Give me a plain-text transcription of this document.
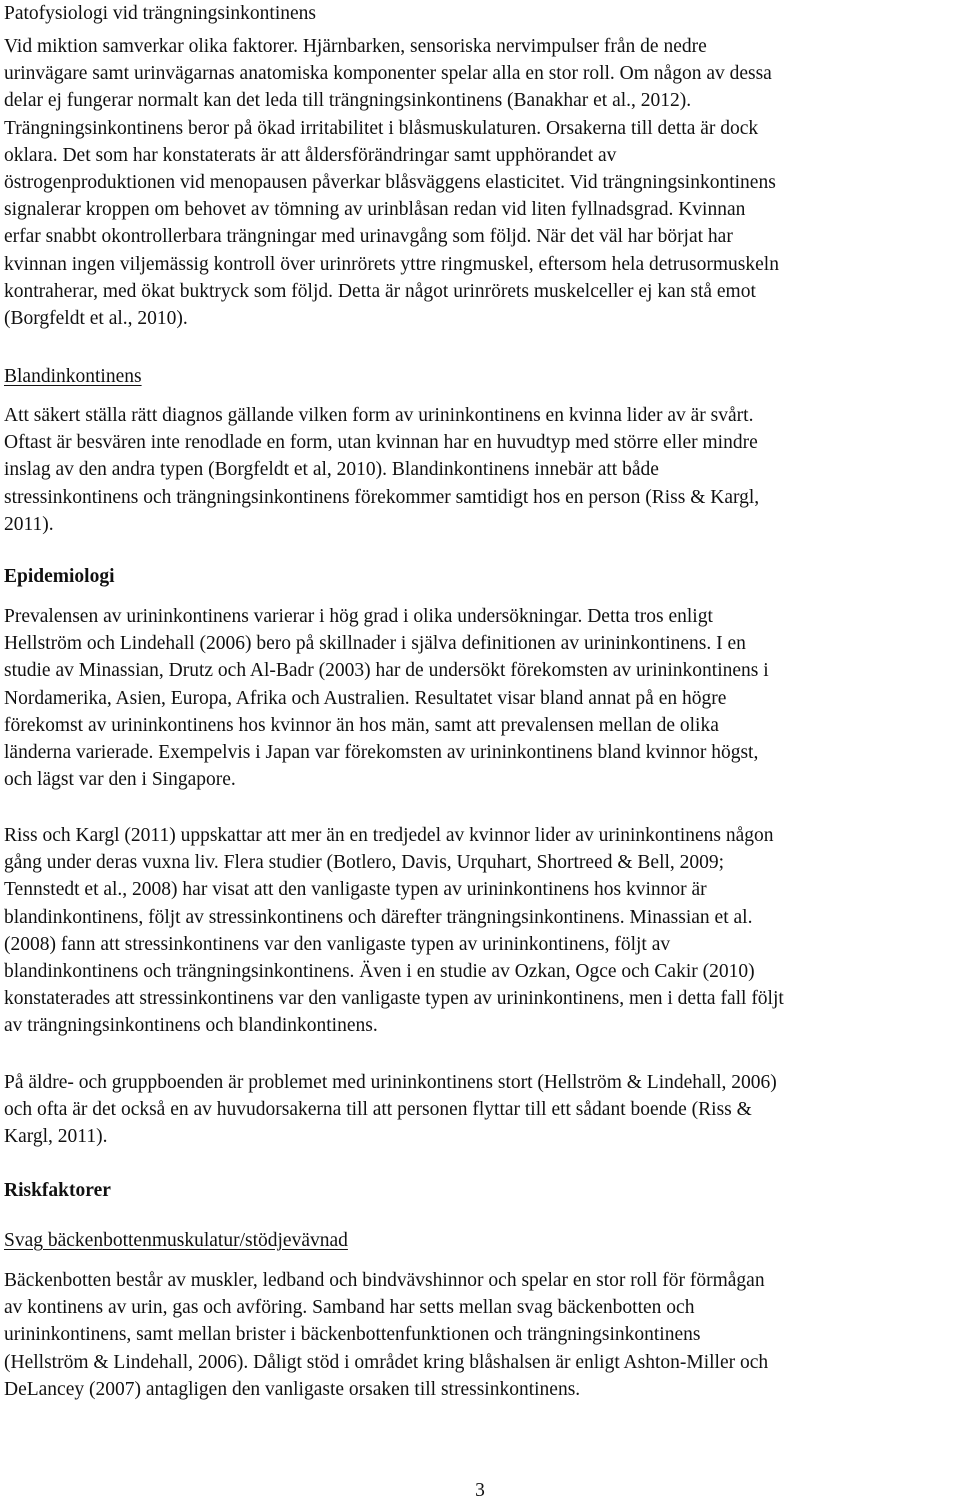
Patofysiologi vid trängningsinkontinens
Vid miktion samverkar olika faktorer. Hjärnbarken, sensoriska nervimpulser från de nedre
urinvägare samt urinvägarnas anatomiska komponenter spelar alla en stor roll. Om någon av dessa
delar ej fungerar normalt kan det leda till trängningsinkontinens (Banakhar et al., 2012).
Trängningsinkontinens beror på ökad irritabilitet i blåsmuskulaturen. Orsakerna till detta är dock
oklara. Det som har konstaterats är att åldersförändringar samt upphörandet av
östrogenproduktionen vid menopausen påverkar blåsväggens elasticitet. Vid trängningsinkontinens
signalerar kroppen om behovet av tömning av urinblåsan redan vid liten fyllnadsgrad. Kvinnan
erfar snabbt okontrollerbara trängningar med urinavgång som följd. När det väl har börjat har
kvinnan ingen viljemässig kontroll över urinrörets yttre ringmuskel, eftersom hela detrusormuskeln
kontraherar, med ökat buktryck som följd. Detta är något urinrörets muskelceller ej kan stå emot
(Borgfeldt et al., 2010).
Blandinkontinens
Att säkert ställa rätt diagnos gällande vilken form av urininkontinens en kvinna lider av är svårt.
Oftast är besvären inte renodlade en form, utan kvinnan har en huvudtyp med större eller mindre
inslag av den andra typen (Borgfeldt et al, 2010). Blandinkontinens innebär att både
stressinkontinens och trängningsinkontinens förekommer samtidigt hos en person (Riss & Kargl,
2011).
Epidemiologi
Prevalensen av urininkontinens varierar i hög grad i olika undersökningar. Detta tros enligt
Hellström och Lindehall (2006) bero på skillnader i själva definitionen av urininkontinens. I en
studie av Minassian, Drutz och Al-Badr (2003) har de undersökt förekomsten av urininkontinens i
Nordamerika, Asien, Europa, Afrika och Australien. Resultatet visar bland annat på en högre
förekomst av urininkontinens hos kvinnor än hos män, samt att prevalensen mellan de olika
länderna varierade. Exempelvis i Japan var förekomsten av urininkontinens bland kvinnor högst,
och lägst var den i Singapore.
Riss och Kargl (2011) uppskattar att mer än en tredjedel av kvinnor lider av urininkontinens någon
gång under deras vuxna liv. Flera studier (Botlero, Davis, Urquhart, Shortreed & Bell, 2009;
Tennstedt et al., 2008) har visat att den vanligaste typen av urininkontinens hos kvinnor är
blandinkontinens, följt av stressinkontinens och därefter trängningsinkontinens. Minassian et al.
(2008) fann att stressinkontinens var den vanligaste typen av urininkontinens, följt av
blandinkontinens och trängningsinkontinens. Även i en studie av Ozkan, Ogce och Cakir (2010)
konstaterades att stressinkontinens var den vanligaste typen av urininkontinens, men i detta fall följt
av trängningsinkontinens och blandinkontinens.
På äldre- och gruppboenden är problemet med urininkontinens stort (Hellström & Lindehall, 2006)
och ofta är det också en av huvudorsakerna till att personen flyttar till ett sådant boende (Riss &
Kargl, 2011).
Riskfaktorer
Svag bäckenbottenmuskulatur/stödjevävnad
Bäckenbotten består av muskler, ledband och bindvävshinnor och spelar en stor roll för förmågan
av kontinens av urin, gas och avföring. Samband har setts mellan svag bäckenbotten och
urininkontinens, samt mellan brister i bäckenbottenfunktionen och trängningsinkontinens
(Hellström & Lindehall, 2006). Dåligt stöd i området kring blåshalsen är enligt Ashton-Miller och
DeLancey (2007) antagligen den vanligaste orsaken till stressinkontinens.
3
